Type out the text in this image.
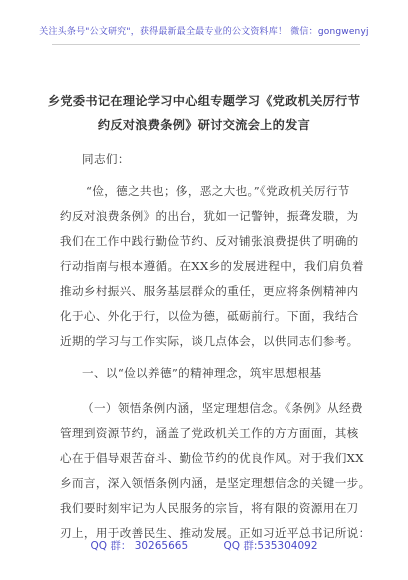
关注头条号"公文研究"，获得最新最全最专业的公文资料库！ 微信：gongwenyj
乡党委书记在理论学习中心组专题学习《党政机关厉行节
约反对浪费条例》研讨交流会上的发言
同志们：
“俭，德之共也；侈，恶之大也。”《党政机关厉行节
约反对浪费条例》的出台，犹如一记警钟，振聋发聩，为
我们在工作中践行勤俭节约、反对铺张浪费提供了明确的
行动指南与根本遵循。在XX乡的发展进程中，我们肩负着
推动乡村振兴、服务基层群众的重任，更应将条例精神内
化于心、外化于行，以俭为德，砥砺前行。下面，我结合
近期的学习与工作实际，谈几点体会，以供同志们参考。
一、以“俭以养德”的精神理念，筑牢思想根基
（一）领悟条例内涵，坚定理想信念。《条例》从经费
管理到资源节约，涵盖了党政机关工作的方方面面，其核
心在于倡导艰苦奋斗、勤俭节约的优良作风。对于我们XX
乡而言，深入领悟条例内涵，是坚定理想信念的关键一步。
我们要时刻牢记为人民服务的宗旨，将有限的资源用在刀
刃上，用于改善民生、推动发展。正如习近平总书记所说：
QQ 群： 30265665	QQ 群:535304092
